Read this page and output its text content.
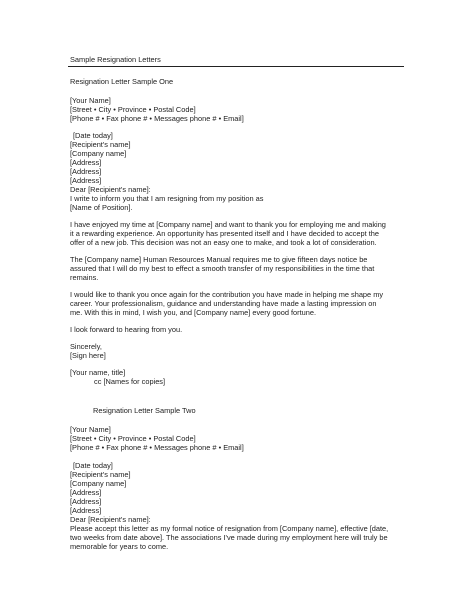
Sample Resignation Letters
Resignation Letter Sample One
[Your Name]
[Street • City • Province • Postal Code]
[Phone # • Fax phone # • Messages phone # • Email]
[Date today]
[Recipient's name]
[Company name]
[Address]
[Address]
[Address]
Dear [Recipient's name]:
I write to inform you that I am resigning from my position as
[Name of Position].
I have enjoyed my time at [Company name] and want to thank you for employing me and making
it a rewarding experience. An opportunity has presented itself and I have decided to accept the
offer of a new job. This decision was not an easy one to make, and took a lot of consideration.
The [Company name] Human Resources Manual requires me to give fifteen days notice be
assured that I will do my best to effect a smooth transfer of my responsibilities in the time that
remains.
I would like to thank you once again for the contribution you have made in helping me shape my
career. Your professionalism, guidance and understanding have made a lasting impression on
me. With this in mind, I wish you, and [Company name] every good fortune.
I look forward to hearing from you.
Sincerely,
[Sign here]
[Your name, title]
cc [Names for copies]
Resignation Letter Sample Two
[Your Name]
[Street • City • Province • Postal Code]
[Phone # • Fax phone # • Messages phone # • Email]
[Date today]
[Recipient's name]
[Company name]
[Address]
[Address]
[Address]
Dear [Recipient's name]:
Please accept this letter as my formal notice of resignation from [Company name], effective [date,
two weeks from date above]. The associations I've made during my employment here will truly be
memorable for years to come.
